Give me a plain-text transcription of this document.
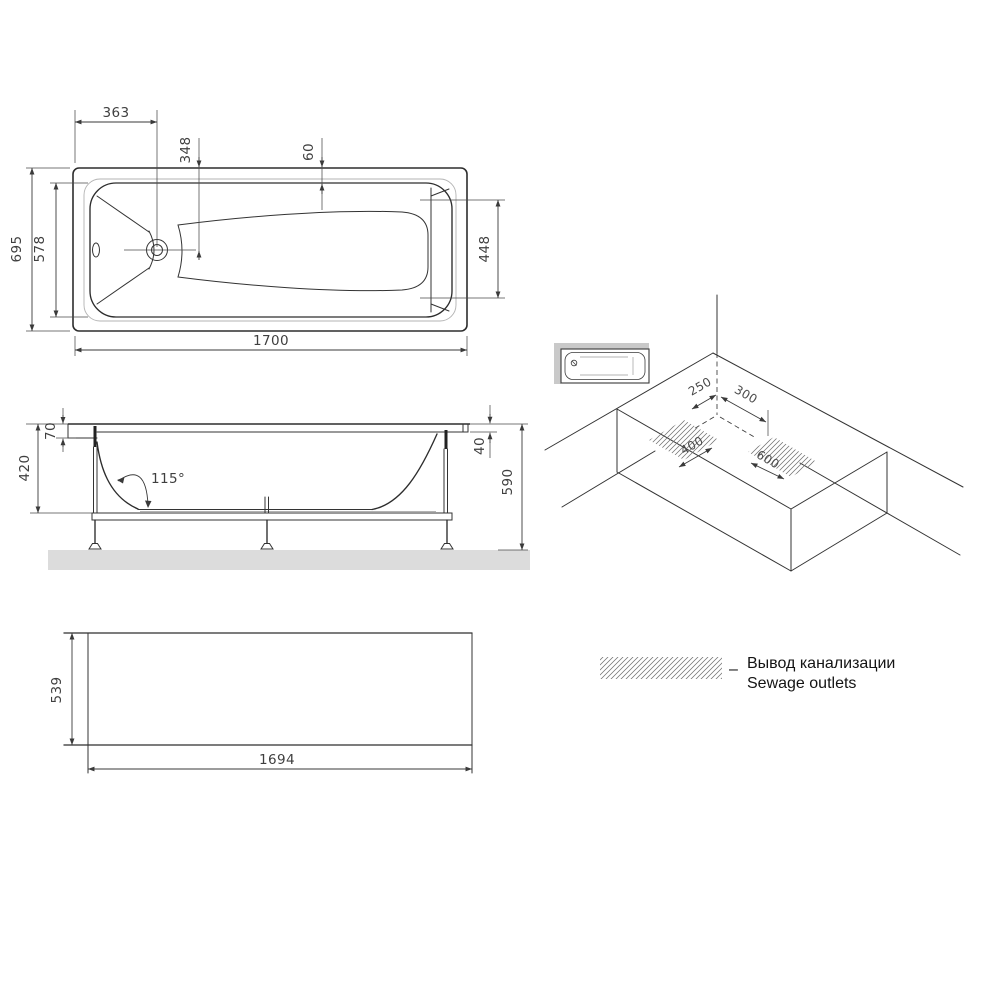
363
348	60
695 578	448
1700
70
420	115°
40
590
539
1694
250 300
400
600
– Вывод канализации
Sewage outlets
